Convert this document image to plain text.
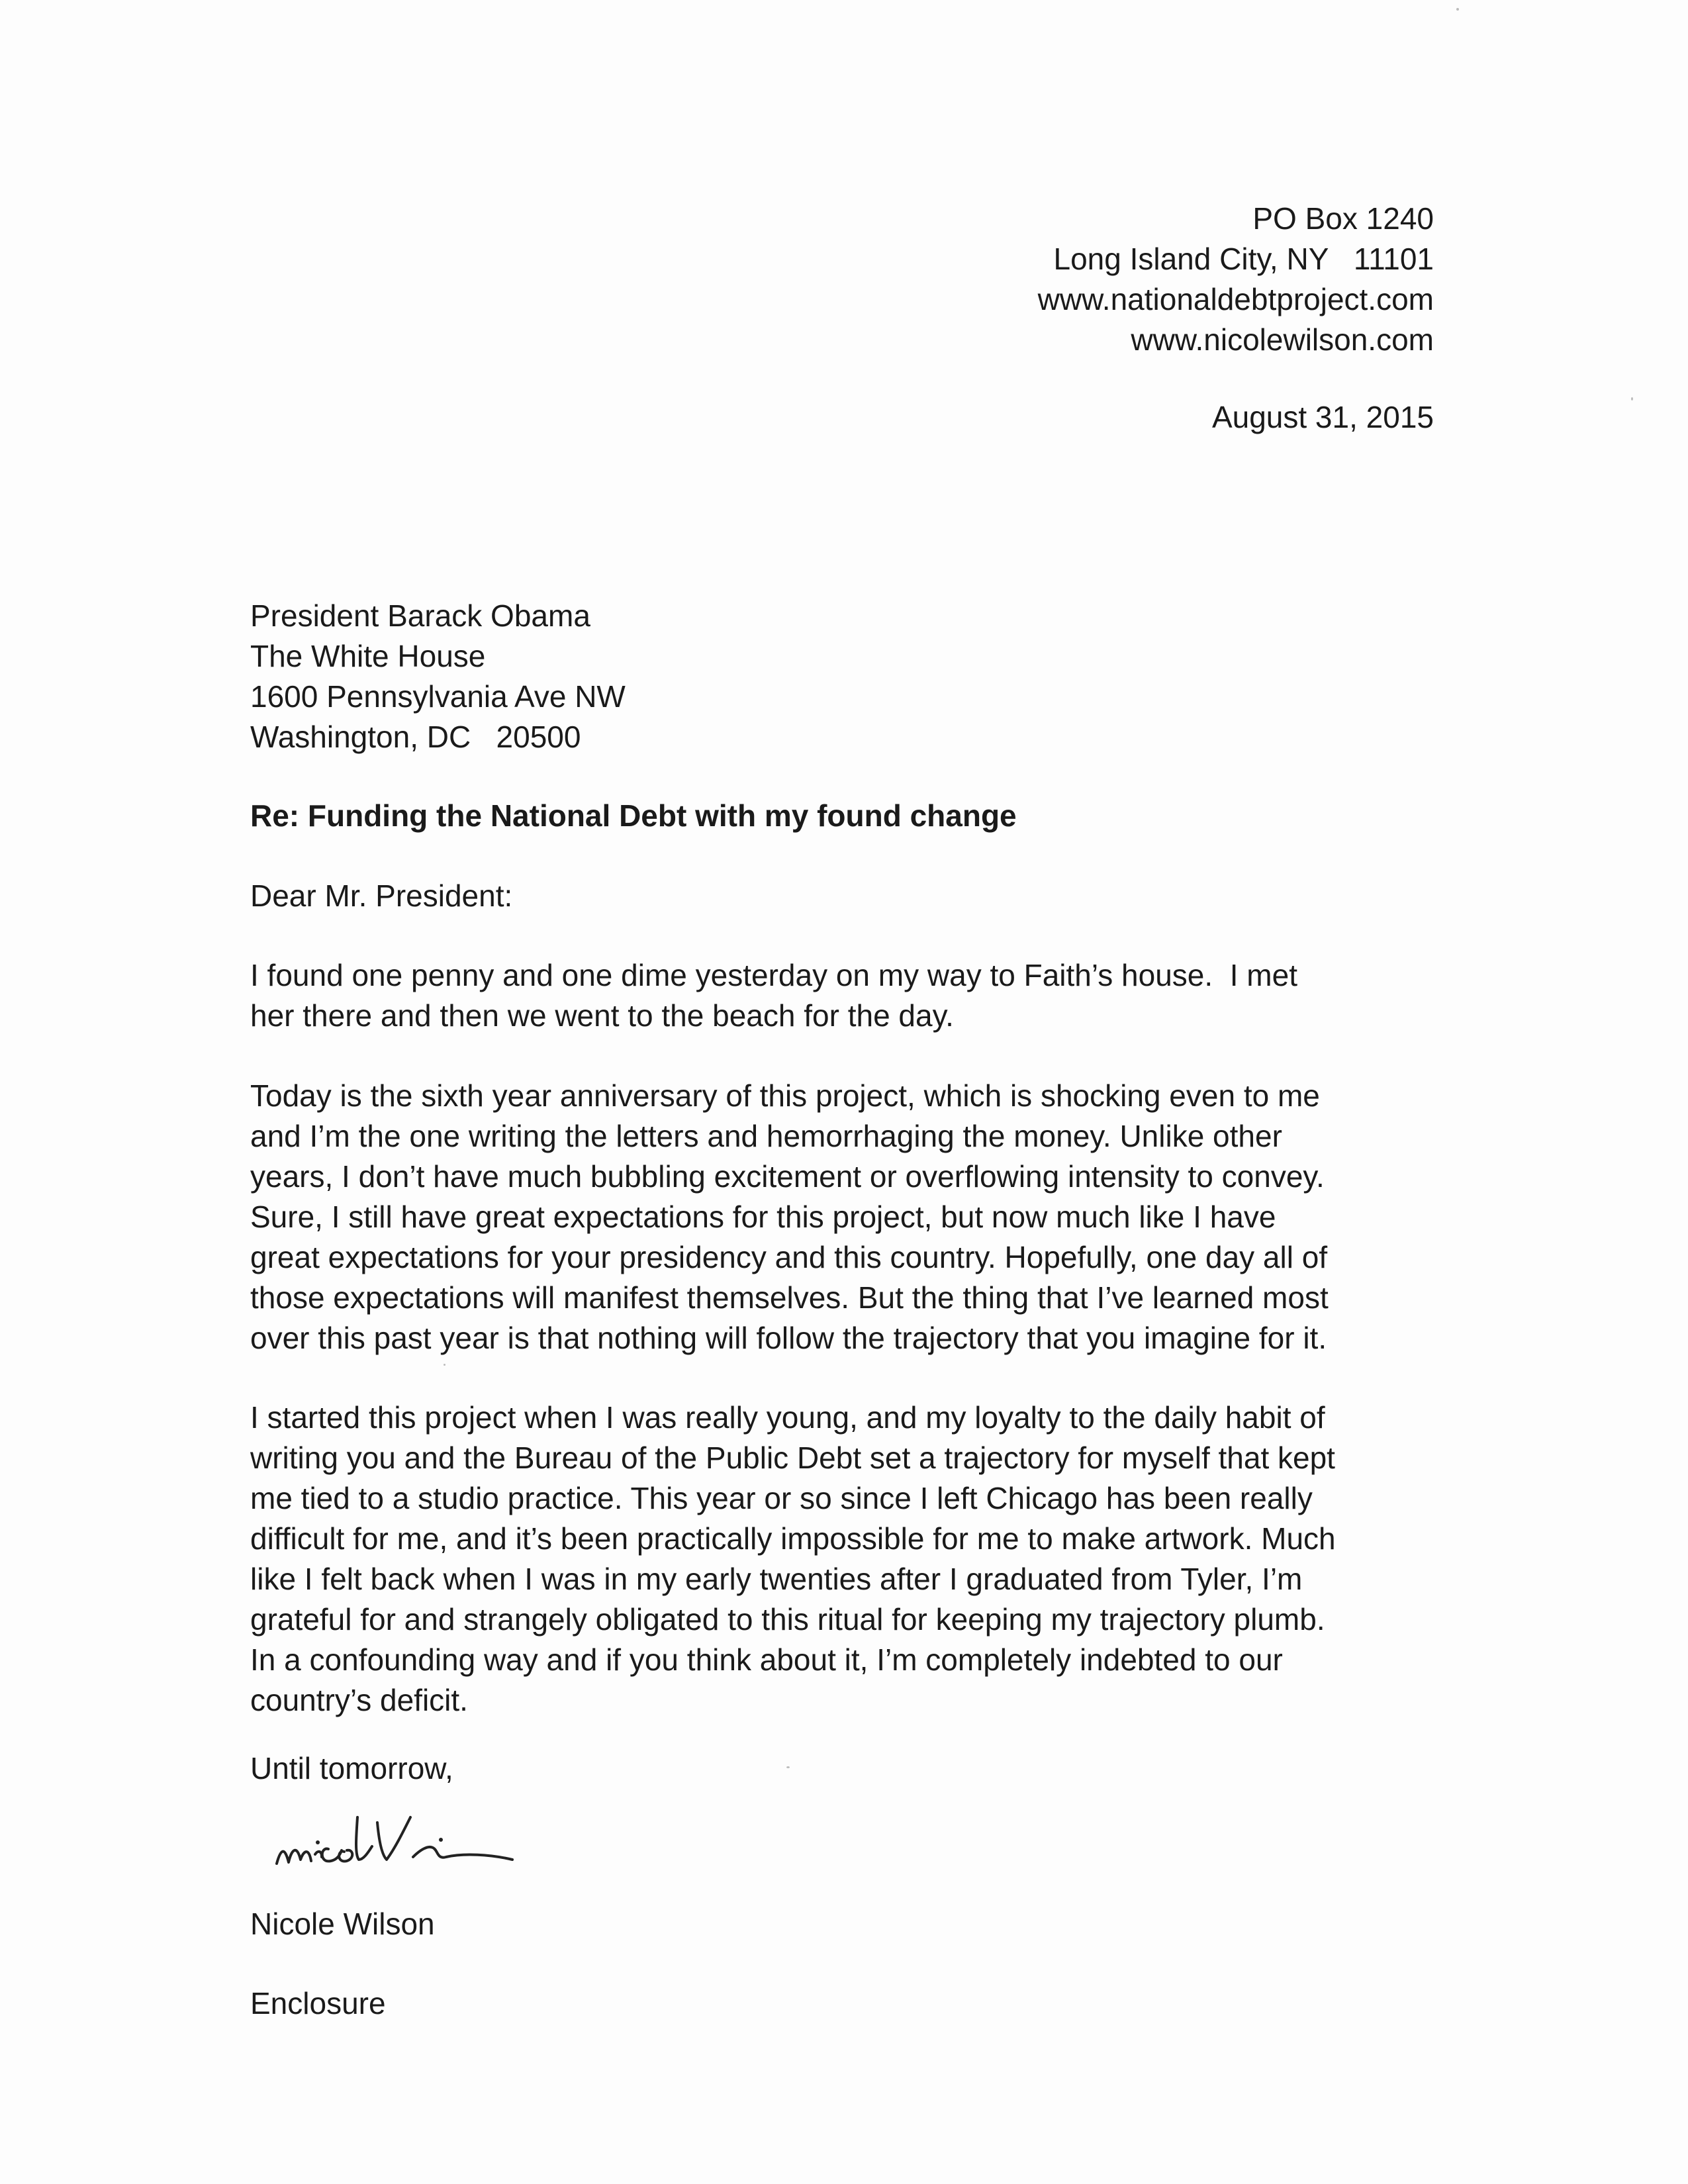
PO Box 1240
Long Island City, NY   11101
www.nationaldebtproject.com
www.nicolewilson.com
August 31, 2015
President Barack Obama
The White House
1600 Pennsylvania Ave NW
Washington, DC   20500
Re: Funding the National Debt with my found change
Dear Mr. President:
I found one penny and one dime yesterday on my way to Faith’s house.  I met
her there and then we went to the beach for the day.
Today is the sixth year anniversary of this project, which is shocking even to me
and I’m the one writing the letters and hemorrhaging the money. Unlike other
years, I don’t have much bubbling excitement or overflowing intensity to convey.
Sure, I still have great expectations for this project, but now much like I have
great expectations for your presidency and this country. Hopefully, one day all of
those expectations will manifest themselves. But the thing that I’ve learned most
over this past year is that nothing will follow the trajectory that you imagine for it.
I started this project when I was really young, and my loyalty to the daily habit of
writing you and the Bureau of the Public Debt set a trajectory for myself that kept
me tied to a studio practice. This year or so since I left Chicago has been really
difficult for me, and it’s been practically impossible for me to make artwork. Much
like I felt back when I was in my early twenties after I graduated from Tyler, I’m
grateful for and strangely obligated to this ritual for keeping my trajectory plumb.
In a confounding way and if you think about it, I’m completely indebted to our
country’s deficit.
Until tomorrow,
Nicole Wilson
Enclosure
